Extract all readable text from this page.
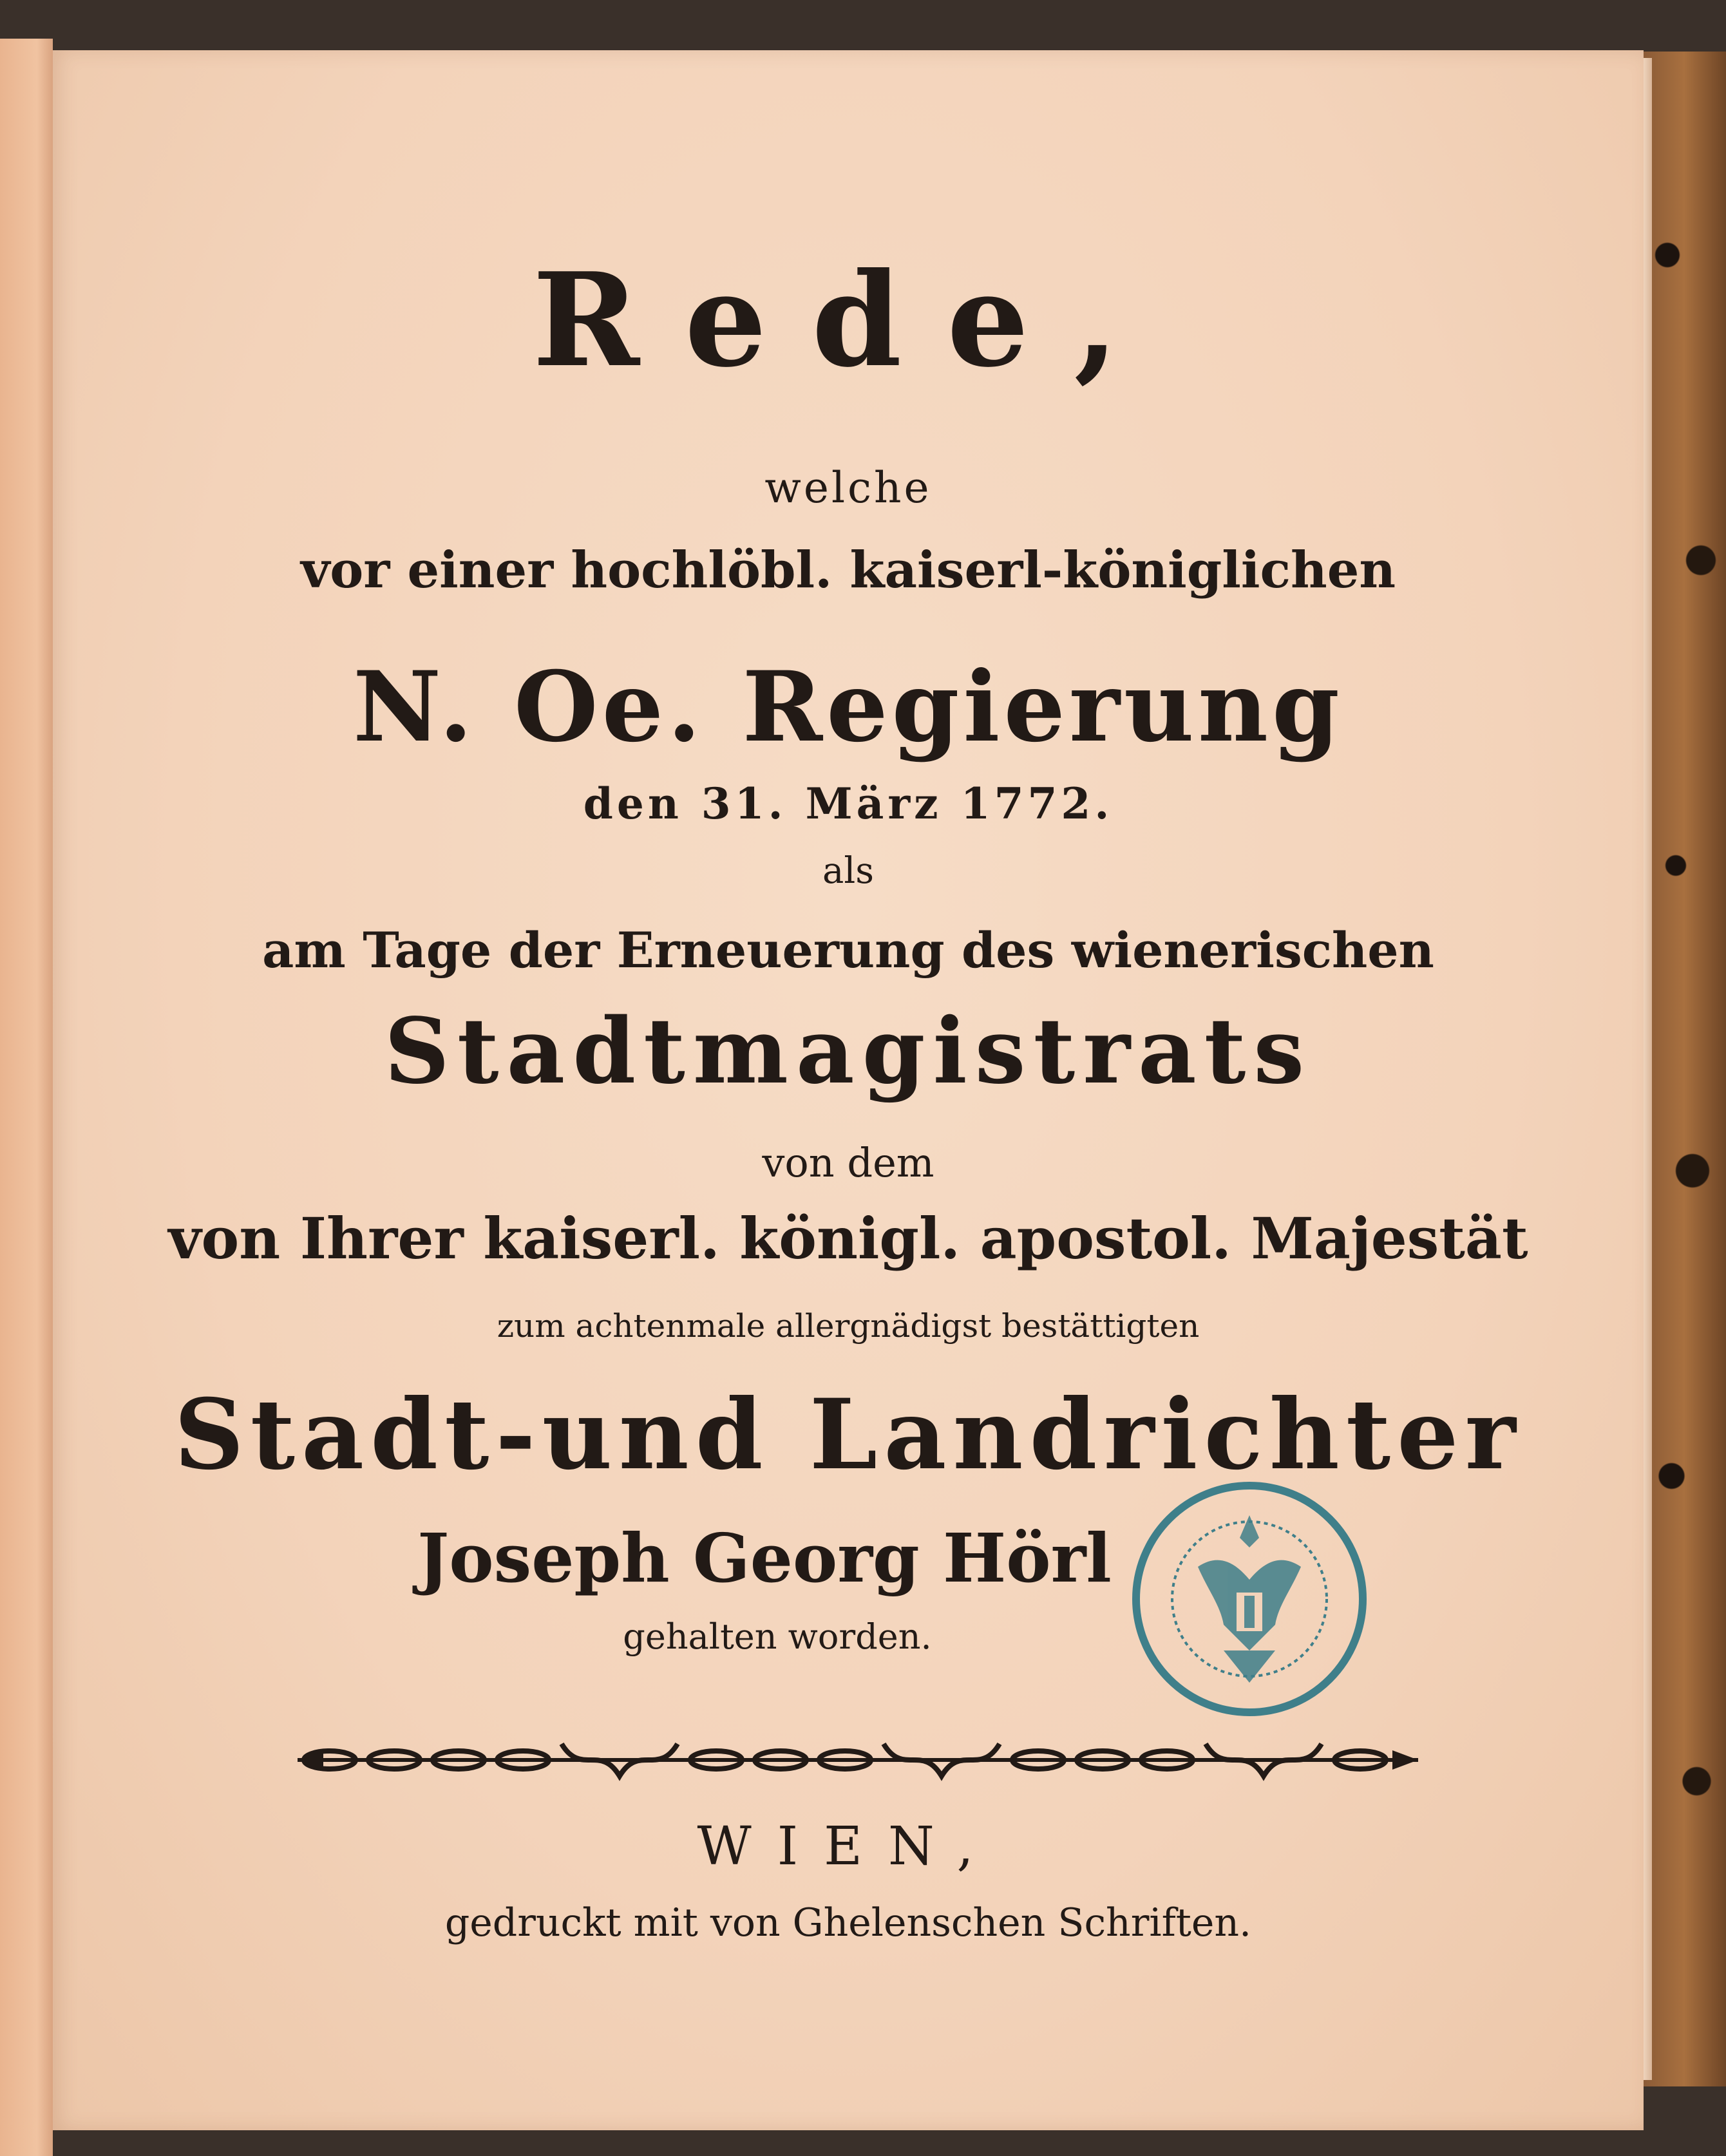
Rede,
welche
vor einer hochlöbl. kaiserl-königlichen
N. Oe. Regierung
den 31. März 1772.
als
am Tage der Erneuerung des wienerischen
Stadtmagistrats
von dem
von Ihrer kaiserl. königl. apostol. Majestät
zum achtenmale allergnädigst bestättigten
Stadt-und Landrichter
Joseph Georg Hörl
gehalten worden.
WIEN,
gedruckt mit von Ghelenschen Schriften.
